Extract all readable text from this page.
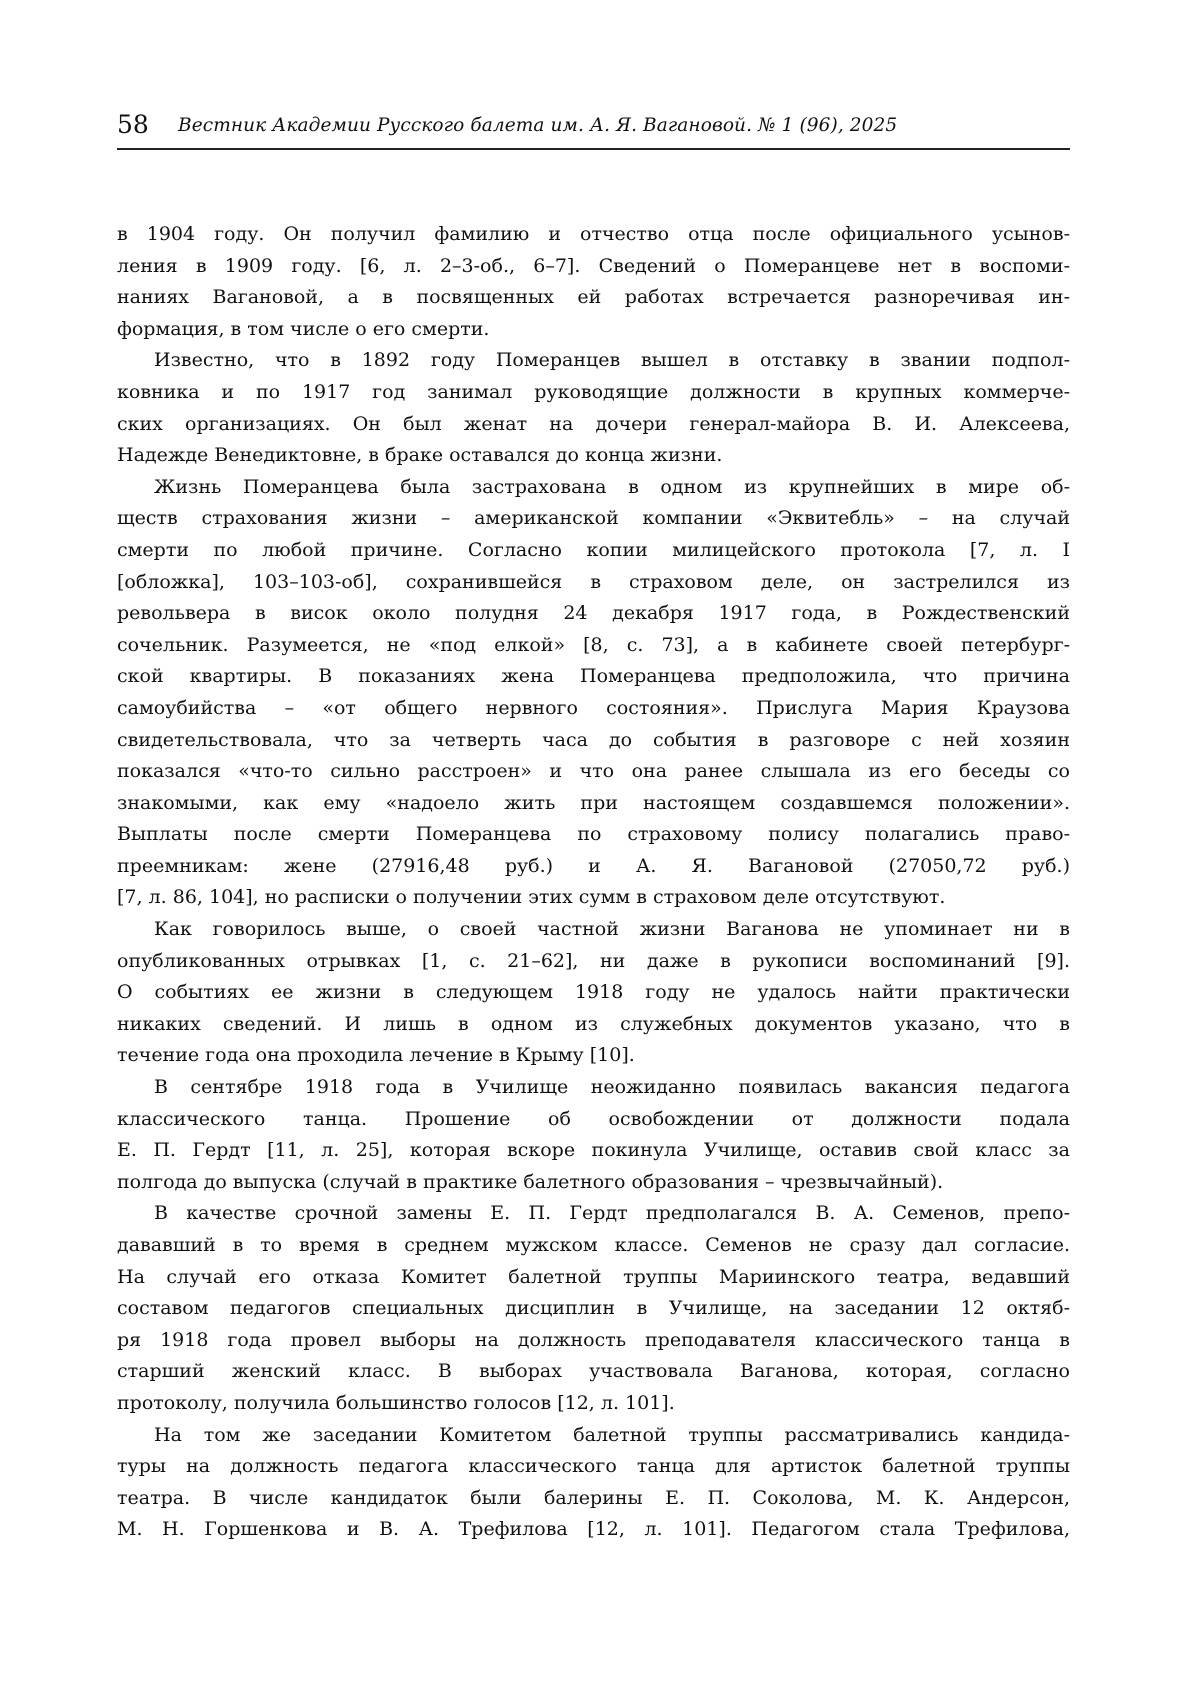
58 Вестник Академии Русского балета им. А. Я. Вагановой. № 1 (96), 2025
в 1904 году. Он получил фамилию и отчество отца после официального усынов-
ления в 1909 году. [6, л. 2–3-об., 6–7]. Сведений о Померанцеве нет в воспоми-
наниях Вагановой, а в посвященных ей работах встречается разноречивая ин-
формация, в том числе о его смерти.
Известно, что в 1892 году Померанцев вышел в отставку в звании подпол-
ковника и по 1917 год занимал руководящие должности в крупных коммерче-
ских организациях. Он был женат на дочери генерал-майора В. И. Алексеева,
Надежде Венедиктовне, в браке оставался до конца жизни.
Жизнь Померанцева была застрахована в одном из крупнейших в мире об-
ществ страхования жизни – американской компании «Эквитебль» – на случай
смерти по любой причине. Согласно копии милицейского протокола [7, л. I
[обложка], 103–103-об], сохранившейся в страховом деле, он застрелился из
револьвера в висок около полудня 24 декабря 1917 года, в Рождественский
сочельник. Разумеется, не «под елкой» [8, с. 73], а в кабинете своей петербург-
ской квартиры. В показаниях жена Померанцева предположила, что причина
самоубийства – «от общего нервного состояния». Прислуга Мария Краузова
свидетельствовала, что за четверть часа до события в разговоре с ней хозяин
показался «что-то сильно расстроен» и что она ранее слышала из его беседы со
знакомыми, как ему «надоело жить при настоящем создавшемся положении».
Выплаты после смерти Померанцева по страховому полису полагались право-
преемникам: жене (27916,48 руб.) и А. Я. Вагановой (27050,72 руб.)
[7, л. 86, 104], но расписки о получении этих сумм в страховом деле отсутствуют.
Как говорилось выше, о своей частной жизни Ваганова не упоминает ни в
опубликованных отрывках [1, с. 21–62], ни даже в рукописи воспоминаний [9].
О событиях ее жизни в следующем 1918 году не удалось найти практически
никаких сведений. И лишь в одном из служебных документов указано, что в
течение года она проходила лечение в Крыму [10].
В сентябре 1918 года в Училище неожиданно появилась вакансия педагога
классического танца. Прошение об освобождении от должности подала
Е. П. Гердт [11, л. 25], которая вскоре покинула Училище, оставив свой класс за
полгода до выпуска (случай в практике балетного образования – чрезвычайный).
В качестве срочной замены Е. П. Гердт предполагался В. А. Семенов, препо-
дававший в то время в среднем мужском классе. Семенов не сразу дал согласие.
На случай его отказа Комитет балетной труппы Мариинского театра, ведавший
составом педагогов специальных дисциплин в Училище, на заседании 12 октяб-
ря 1918 года провел выборы на должность преподавателя классического танца в
старший женский класс. В выборах участвовала Ваганова, которая, согласно
протоколу, получила большинство голосов [12, л. 101].
На том же заседании Комитетом балетной труппы рассматривались кандида-
туры на должность педагога классического танца для артисток балетной труппы
театра. В числе кандидаток были балерины Е. П. Соколова, М. К. Андерсон,
М. Н. Горшенкова и В. А. Трефилова [12, л. 101]. Педагогом стала Трефилова,
